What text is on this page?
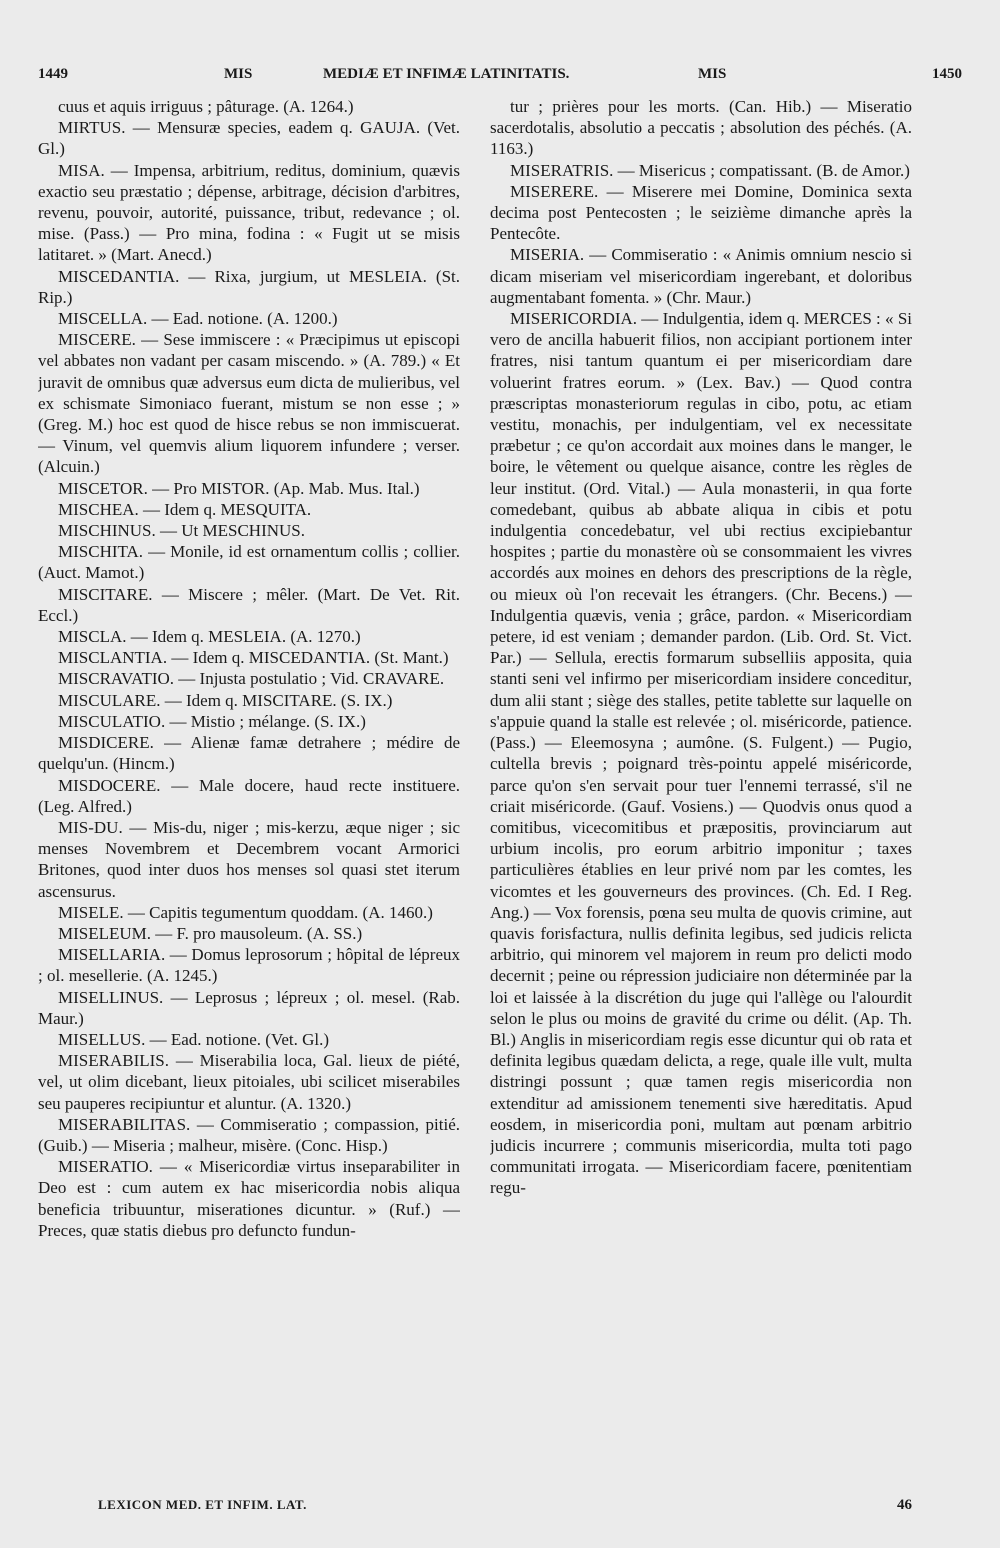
1449	MIS	MEDIÆ ET INFIMÆ LATINITATIS.	MIS	1450

cuus et aquis irriguus ; pâturage. (A. 1264.)

MIRTUS. — Mensuræ species, eadem q. GAUJA. (Vet. Gl.)

MISA. — Impensa, arbitrium, reditus, dominium, quævis exactio seu præstatio ; dépense, arbitrage, décision d'arbitres, revenu, pouvoir, autorité, puissance, tribut, redevance ; ol. mise. (Pass.) — Pro mina, fodina : « Fugit ut se misis latitaret. » (Mart. Anecd.)

MISCEDANTIA. — Rixa, jurgium, ut MESLEIA. (St. Rip.)

MISCELLA. — Ead. notione. (A. 1200.)

MISCERE. — Sese immiscere : « Præcipimus ut episcopi vel abbates non vadant per casam miscendo. » (A. 789.) « Et juravit de omnibus quæ adversus eum dicta de mulieribus, vel ex schismate Simoniaco fuerant, mistum se non esse ; » (Greg. M.) hoc est quod de hisce rebus se non immiscuerat. — Vinum, vel quemvis alium liquorem infundere ; verser. (Alcuin.)

MISCETOR. — Pro MISTOR. (Ap. Mab. Mus. Ital.)

MISCHEA. — Idem q. MESQUITA.

MISCHINUS. — Ut MESCHINUS.

MISCHITA. — Monile, id est ornamentum collis ; collier. (Auct. Mamot.)

MISCITARE. — Miscere ; mêler. (Mart. De Vet. Rit. Eccl.)

MISCLA. — Idem q. MESLEIA. (A. 1270.)

MISCLANTIA. — Idem q. MISCEDANTIA. (St. Mant.)

MISCRAVATIO. — Injusta postulatio ; Vid. CRAVARE.

MISCULARE. — Idem q. MISCITARE. (S. IX.)

MISCULATIO. — Mistio ; mélange. (S. IX.)

MISDICERE. — Alienæ famæ detrahere ; médire de quelqu'un. (Hincm.)

MISDOCERE. — Male docere, haud recte instituere. (Leg. Alfred.)

MIS-DU. — Mis-du, niger ; mis-kerzu, æque niger ; sic menses Novembrem et Decembrem vocant Armorici Britones, quod inter duos hos menses sol quasi stet iterum ascensurus.

MISELE. — Capitis tegumentum quoddam. (A. 1460.)

MISELEUM. — F. pro mausoleum. (A. SS.)

MISELLARIA. — Domus leprosorum ; hôpital de lépreux ; ol. mesellerie. (A. 1245.)

MISELLINUS. — Leprosus ; lépreux ; ol. mesel. (Rab. Maur.)

MISELLUS. — Ead. notione. (Vet. Gl.)

MISERABILIS. — Miserabilia loca, Gal. lieux de piété, vel, ut olim dicebant, lieux pitoiales, ubi scilicet miserabiles seu pauperes recipiuntur et aluntur. (A. 1320.)

MISERABILITAS. — Commiseratio ; compassion, pitié. (Guib.) — Miseria ; malheur, misère. (Conc. Hisp.)

MISERATIO. — « Misericordiæ virtus inseparabiliter in Deo est : cum autem ex hac misericordia nobis aliqua beneficia tribuuntur, miserationes dicuntur. » (Ruf.) — Preces, quæ statis diebus pro defuncto fundun-

tur ; prières pour les morts. (Can. Hib.) — Miseratio sacerdotalis, absolutio a peccatis ; absolution des péchés. (A. 1163.)

MISERATRIS. — Misericus ; compatissant. (B. de Amor.)

MISERERE. — Miserere mei Domine, Dominica sexta decima post Pentecosten ; le seizième dimanche après la Pentecôte.

MISERIA. — Commiseratio : « Animis omnium nescio si dicam miseriam vel misericordiam ingerebant, et doloribus augmentabant fomenta. » (Chr. Maur.)

MISERICORDIA. — Indulgentia, idem q. MERCES : « Si vero de ancilla habuerit filios, non accipiant portionem inter fratres, nisi tantum quantum ei per misericordiam dare voluerint fratres eorum. » (Lex. Bav.) — Quod contra præscriptas monasteriorum regulas in cibo, potu, ac etiam vestitu, monachis, per indulgentiam, vel ex necessitate præbetur ; ce qu'on accordait aux moines dans le manger, le boire, le vêtement ou quelque aisance, contre les règles de leur institut. (Ord. Vital.) — Aula monasterii, in qua forte comedebant, quibus ab abbate aliqua in cibis et potu indulgentia concedebatur, vel ubi rectius excipiebantur hospites ; partie du monastère où se consommaient les vivres accordés aux moines en dehors des prescriptions de la règle, ou mieux où l'on recevait les étrangers. (Chr. Becens.) — Indulgentia quævis, venia ; grâce, pardon. « Misericordiam petere, id est veniam ; demander pardon. (Lib. Ord. St. Vict. Par.) — Sellula, erectis formarum subselliis apposita, quia stanti seni vel infirmo per misericordiam insidere conceditur, dum alii stant ; siège des stalles, petite tablette sur laquelle on s'appuie quand la stalle est relevée ; ol. miséricorde, patience. (Pass.) — Eleemosyna ; aumône. (S. Fulgent.) — Pugio, cultella brevis ; poignard très-pointu appelé miséricorde, parce qu'on s'en servait pour tuer l'ennemi terrassé, s'il ne criait miséricorde. (Gauf. Vosiens.) — Quodvis onus quod a comitibus, vicecomitibus et præpositis, provinciarum aut urbium incolis, pro eorum arbitrio imponitur ; taxes particulières établies en leur privé nom par les comtes, les vicomtes et les gouverneurs des provinces. (Ch. Ed. I Reg. Ang.) — Vox forensis, pœna seu multa de quovis crimine, aut quavis forisfactura, nullis definita legibus, sed judicis relicta arbitrio, qui minorem vel majorem in reum pro delicti modo decernit ; peine ou répression judiciaire non déterminée par la loi et laissée à la discrétion du juge qui l'allège ou l'alourdit selon le plus ou moins de gravité du crime ou délit. (Ap. Th. Bl.) Anglis in misericordiam regis esse dicuntur qui ob rata et definita legibus quædam delicta, a rege, quale ille vult, multa distringi possunt ; quæ tamen regis misericordia non extenditur ad amissionem tenementi sive hæreditatis. Apud eosdem, in misericordia poni, multam aut pœnam arbitrio judicis incurrere ; communis misericordia, multa toti pago communitati irrogata. — Misericordiam facere, pœnitentiam regu-

LEXICON MED. ET INFIM. LAT.	46
